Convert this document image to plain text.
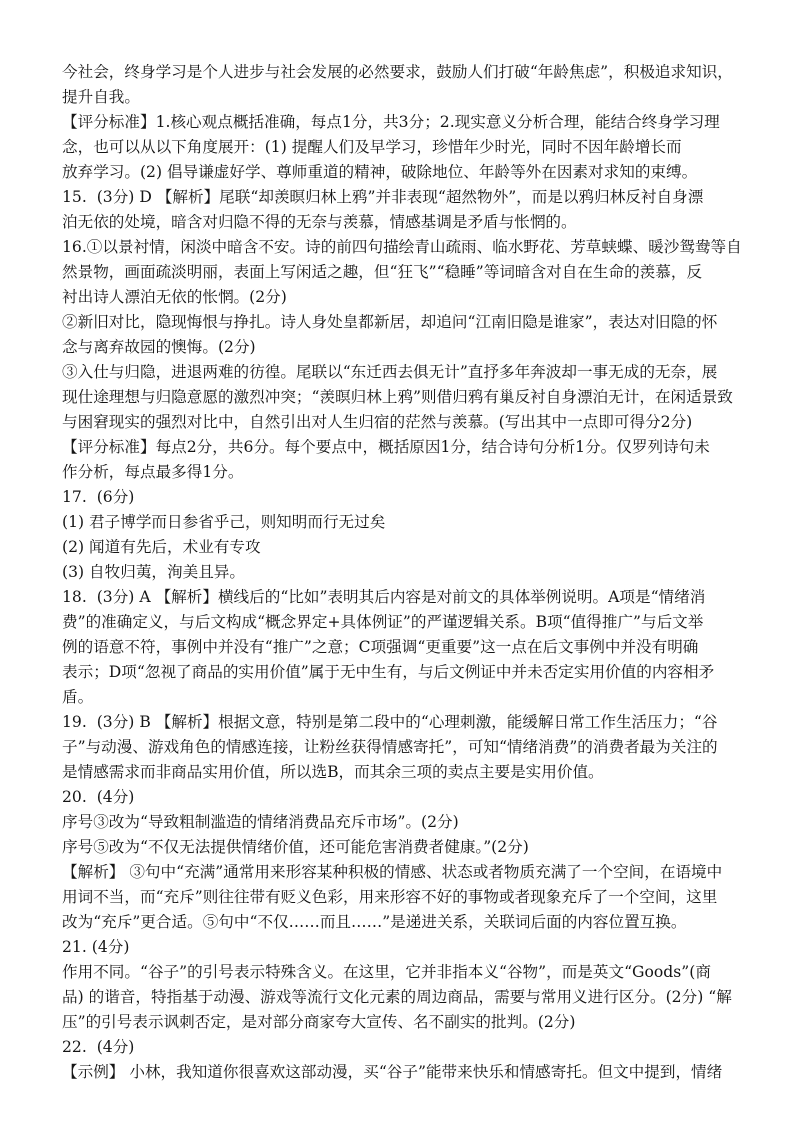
今社会，终身学习是个人进步与社会发展的必然要求，鼓励人们打破“年龄焦虑”，积极追求知识，
提升自我。
【评分标准】1.核心观点概括准确，每点1分，共3分；2.现实意义分析合理，能结合终身学习理
念，也可以从以下角度展开：(1) 提醒人们及早学习，珍惜年少时光，同时不因年龄增长而
放弃学习。(2) 倡导谦虚好学、尊师重道的精神，破除地位、年龄等外在因素对求知的束缚。
15.  (3分) D 【解析】尾联“却羡暝归林上鸦”并非表现“超然物外”，而是以鸦归林反衬自身漂
泊无依的处境，暗含对归隐不得的无奈与羡慕，情感基调是矛盾与怅惘的。
16.①以景衬情，闲淡中暗含不安。诗的前四句描绘青山疏雨、临水野花、芳草蛱蝶、暖沙鸳鸯等自
然景物，画面疏淡明丽，表面上写闲适之趣，但“狂飞”“稳睡”等词暗含对自在生命的羡慕，反
衬出诗人漂泊无依的怅惘。(2分)
②新旧对比，隐现悔恨与挣扎。诗人身处皇都新居，却追问“江南旧隐是谁家”，表达对旧隐的怀
念与离弃故园的懊悔。(2分)
③入仕与归隐，进退两难的彷徨。尾联以“东迁西去俱无计”直抒多年奔波却一事无成的无奈，展
现仕途理想与归隐意愿的激烈冲突；“羡暝归林上鸦”则借归鸦有巢反衬自身漂泊无计，在闲适景致
与困窘现实的强烈对比中，自然引出对人生归宿的茫然与羡慕。(写出其中一点即可得分2分)
【评分标准】每点2分，共6分。每个要点中，概括原因1分，结合诗句分析1分。仅罗列诗句未
作分析，每点最多得1分。
17.  (6分)
(1) 君子博学而日参省乎己，则知明而行无过矣
(2) 闻道有先后，术业有专攻
(3) 自牧归荑，洵美且异。
18.  (3分) A 【解析】横线后的“比如”表明其后内容是对前文的具体举例说明。A项是“情绪消
费”的准确定义，与后文构成“概念界定+具体例证”的严谨逻辑关系。B项“值得推广”与后文举
例的语意不符，事例中并没有“推广”之意；C项强调“更重要”这一点在后文事例中并没有明确
表示；D项“忽视了商品的实用价值”属于无中生有，与后文例证中并未否定实用价值的内容相矛
盾。
19.  (3分) B 【解析】根据文意，特别是第二段中的“心理刺激，能缓解日常工作生活压力；“谷
子”与动漫、游戏角色的情感连接，让粉丝获得情感寄托”，可知“情绪消费”的消费者最为关注的
是情感需求而非商品实用价值，所以选B，而其余三项的卖点主要是实用价值。
20.  (4分)
序号③改为“导致粗制滥造的情绪消费品充斥市场”。(2分)
序号⑤改为“不仅无法提供情绪价值，还可能危害消费者健康。”(2分)
【解析】 ③句中“充满”通常用来形容某种积极的情感、状态或者物质充满了一个空间，在语境中
用词不当，而“充斥”则往往带有贬义色彩，用来形容不好的事物或者现象充斥了一个空间，这里
改为“充斥”更合适。⑤句中“不仅……而且……”是递进关系，关联词后面的内容位置互换。
21. (4分)
作用不同。“谷子”的引号表示特殊含义。在这里，它并非指本义“谷物”，而是英文“Goods”(商
品) 的谐音，特指基于动漫、游戏等流行文化元素的周边商品，需要与常用义进行区分。(2分) “解
压”的引号表示讽刺否定，是对部分商家夸大宣传、名不副实的批判。(2分)
22.  (4分)
【示例】 小林，我知道你很喜欢这部动漫，买“谷子”能带来快乐和情感寄托。但文中提到，情绪
